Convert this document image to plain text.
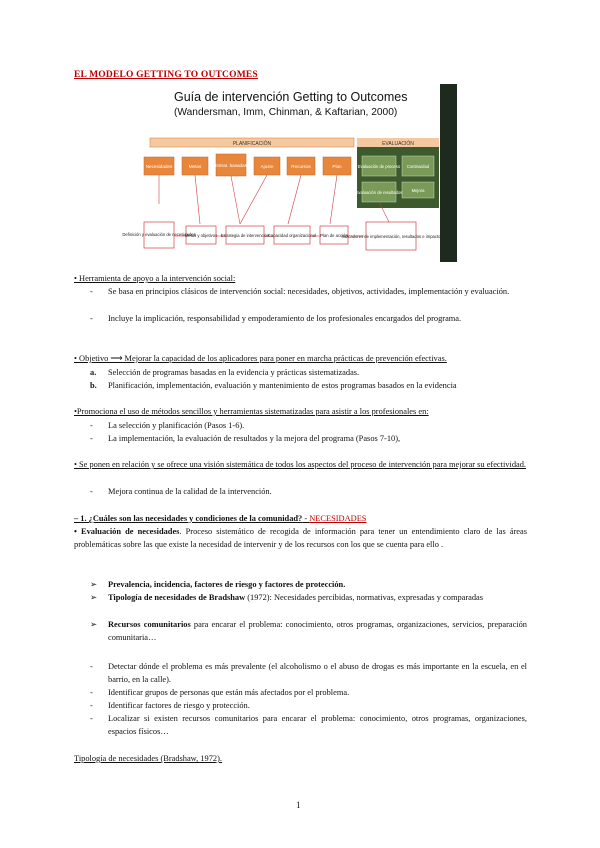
EL MODELO GETTING TO OUTCOMES
Guía de intervención Getting to Outcomes
(Wandersman, Imm, Chinman, & Kaftarian, 2000)
PLANIFICACIÓN	EVALUACIÓN
Necesidades	Metas	Estrat. basadas	Ajuste	Recursos	Plan	Evaluación de proceso Continuidad
Evaluación de resultados Mejora
Definición y evaluación de necesidades
Metas y objetivos Estrategia de intervención
Capacidad organizacional Plan de acción
Indicadores de implementación, resultados e impacto
• Herramienta de apoyo a la intervención social:
-	Se basa en principios clásicos de intervención social: necesidades, objetivos, actividades, implementación y evaluación.
-	Incluye la implicación, responsabilidad y empoderamiento de los profesionales encargados del programa.
• Objetivo ⟶ Mejorar la capacidad de los aplicadores para poner en marcha prácticas de prevención efectivas.
a.	Selección de programas basadas en la evidencia y prácticas sistematizadas.
b.	Planificación, implementación, evaluación y mantenimiento de estos programas basados en la evidencia
•Promociona el uso de métodos sencillos y herramientas sistematizadas para asistir a los profesionales en:
-	La selección y planificación (Pasos 1-6).
-	La implementación, la evaluación de resultados y la mejora del programa (Pasos 7-10),
• Se ponen en relación y se ofrece una visión sistemática de todos los aspectos del proceso de intervención para mejorar su efectividad.
-	Mejora continua de la calidad de la intervención.
– 1. ¿Cuáles son las necesidades y condiciones de la comunidad? - NECESIDADES
• Evaluación de necesidades. Proceso sistemático de recogida de información para tener un entendimiento claro de las áreas problemáticas sobre las que existe la necesidad de intervenir y de los recursos con los que se cuenta para ello .
➢	Prevalencia, incidencia, factores de riesgo y factores de protección.
➢	Tipología de necesidades de Bradshaw (1972): Necesidades percibidas, normativas, expresadas y comparadas
➢	Recursos comunitarios para encarar el problema: conocimiento, otros programas, organizaciones, servicios, preparación comunitaria…
-	Detectar dónde el problema es más prevalente (el alcoholismo o el abuso de drogas es más importante en la escuela, en el barrio, en la calle).
-	Identificar grupos de personas que están más afectados por el problema.
-	Identificar factores de riesgo y protección.
-	Localizar si existen recursos comunitarios para encarar el problema: conocimiento, otros programas, organizaciones, espacios físicos…
Tipología de necesidades (Bradshaw, 1972).
1
